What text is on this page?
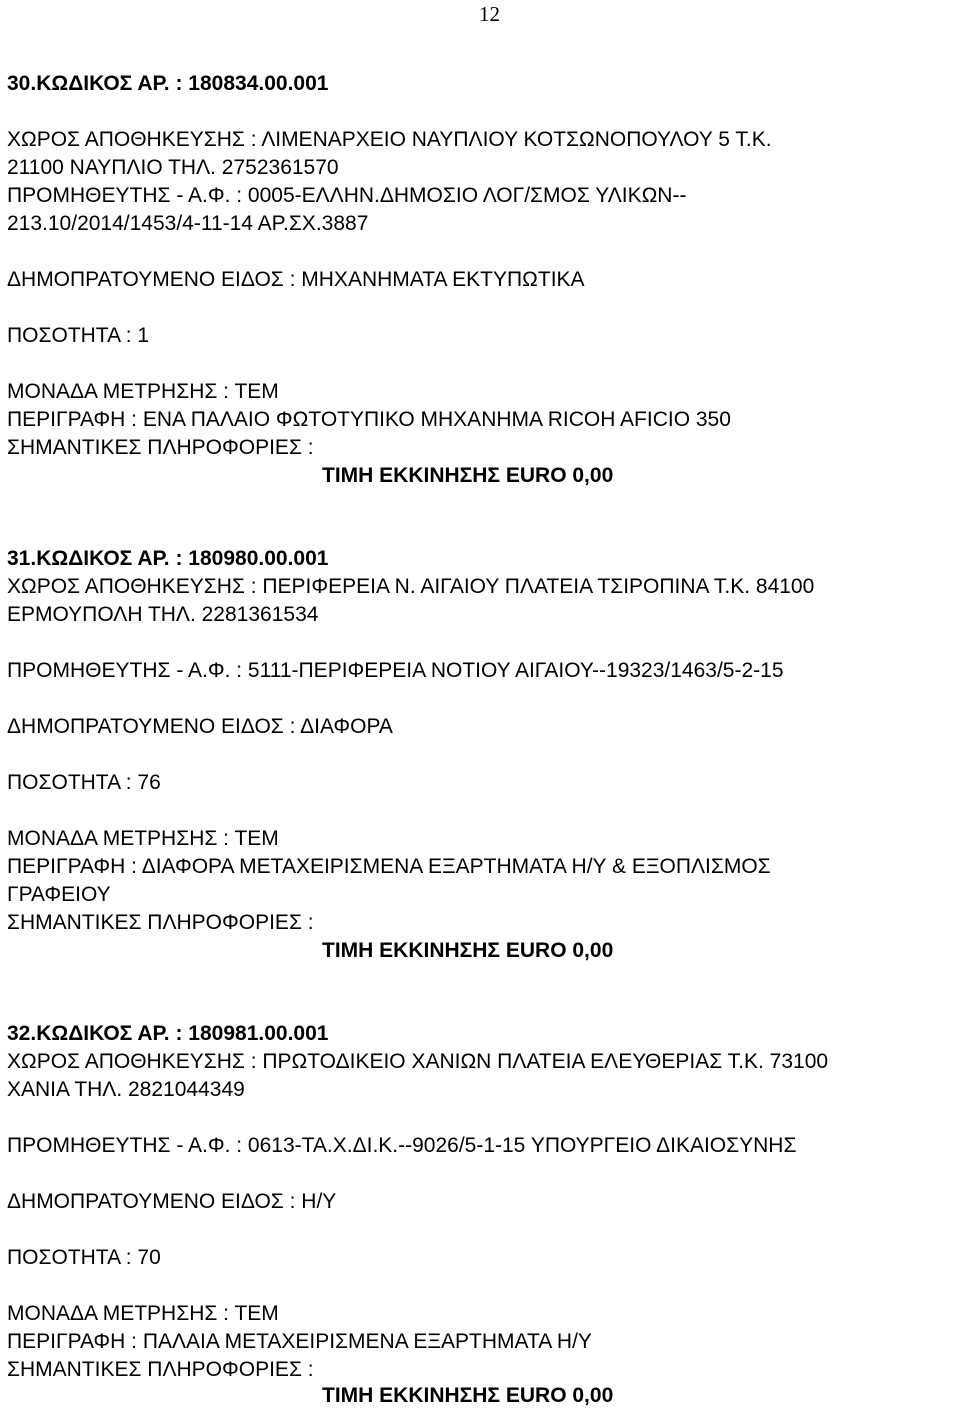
12
30.ΚΩΔΙΚΟΣ ΑΡ. : 180834.00.001
ΧΩΡΟΣ ΑΠΟΘΗΚΕΥΣΗΣ : ΛΙΜΕΝΑΡΧΕΙΟ ΝΑΥΠΛΙΟΥ ΚΟΤΣΩΝΟΠΟΥΛΟΥ 5 Τ.Κ.
21100 ΝΑΥΠΛΙΟ ΤΗΛ. 2752361570
ΠΡΟΜΗΘΕΥΤΗΣ - Α.Φ. : 0005-ΕΛΛΗΝ.ΔΗΜΟΣΙΟ ΛΟΓ/ΣΜΟΣ ΥΛΙΚΩΝ--
213.10/2014/1453/4-11-14 ΑΡ.ΣΧ.3887
ΔΗΜΟΠΡΑΤΟΥΜΕΝΟ ΕΙΔΟΣ : ΜΗΧΑΝΗΜΑΤΑ ΕΚΤΥΠΩΤΙΚΑ
ΠΟΣΟΤΗΤΑ : 1
ΜΟΝΑΔΑ ΜΕΤΡΗΣΗΣ : ΤΕΜ
ΠΕΡΙΓΡΑΦΗ : ΕΝΑ ΠΑΛΑΙΟ ΦΩΤΟΤΥΠΙΚΟ ΜΗΧΑΝΗΜΑ RICOH AFICIO 350
ΣΗΜΑΝΤΙΚΕΣ ΠΛΗΡΟΦΟΡΙΕΣ :
ΤΙΜΗ ΕΚΚΙΝΗΣΗΣ EURO 0,00
31.ΚΩΔΙΚΟΣ ΑΡ. : 180980.00.001
ΧΩΡΟΣ ΑΠΟΘΗΚΕΥΣΗΣ : ΠΕΡΙΦΕΡΕΙΑ Ν. ΑΙΓΑΙΟΥ ΠΛΑΤΕΙΑ ΤΣΙΡΟΠΙΝΑ Τ.Κ. 84100
ΕΡΜΟΥΠΟΛΗ ΤΗΛ. 2281361534
ΠΡΟΜΗΘΕΥΤΗΣ - Α.Φ. : 5111-ΠΕΡΙΦΕΡΕΙΑ ΝΟΤΙΟΥ ΑΙΓΑΙΟΥ--19323/1463/5-2-15
ΔΗΜΟΠΡΑΤΟΥΜΕΝΟ ΕΙΔΟΣ : ΔΙΑΦΟΡΑ
ΠΟΣΟΤΗΤΑ : 76
ΜΟΝΑΔΑ ΜΕΤΡΗΣΗΣ : ΤΕΜ
ΠΕΡΙΓΡΑΦΗ : ΔΙΑΦΟΡΑ ΜΕΤΑΧΕΙΡΙΣΜΕΝΑ ΕΞΑΡΤΗΜΑΤΑ Η/Υ & ΕΞΟΠΛΙΣΜΟΣ
ΓΡΑΦΕΙΟΥ
ΣΗΜΑΝΤΙΚΕΣ ΠΛΗΡΟΦΟΡΙΕΣ :
ΤΙΜΗ ΕΚΚΙΝΗΣΗΣ EURO 0,00
32.ΚΩΔΙΚΟΣ ΑΡ. : 180981.00.001
ΧΩΡΟΣ ΑΠΟΘΗΚΕΥΣΗΣ : ΠΡΩΤΟΔΙΚΕΙΟ ΧΑΝΙΩΝ ΠΛΑΤΕΙΑ ΕΛΕΥΘΕΡΙΑΣ Τ.Κ. 73100
ΧΑΝΙΑ ΤΗΛ. 2821044349
ΠΡΟΜΗΘΕΥΤΗΣ - Α.Φ. : 0613-ΤΑ.Χ.ΔΙ.Κ.--9026/5-1-15 ΥΠΟΥΡΓΕΙΟ ΔΙΚΑΙΟΣΥΝΗΣ
ΔΗΜΟΠΡΑΤΟΥΜΕΝΟ ΕΙΔΟΣ : Η/Υ
ΠΟΣΟΤΗΤΑ : 70
ΜΟΝΑΔΑ ΜΕΤΡΗΣΗΣ : ΤΕΜ
ΠΕΡΙΓΡΑΦΗ : ΠΑΛΑΙΑ ΜΕΤΑΧΕΙΡΙΣΜΕΝΑ ΕΞΑΡΤΗΜΑΤΑ Η/Υ
ΣΗΜΑΝΤΙΚΕΣ ΠΛΗΡΟΦΟΡΙΕΣ :
ΤΙΜΗ ΕΚΚΙΝΗΣΗΣ EURO 0,00
